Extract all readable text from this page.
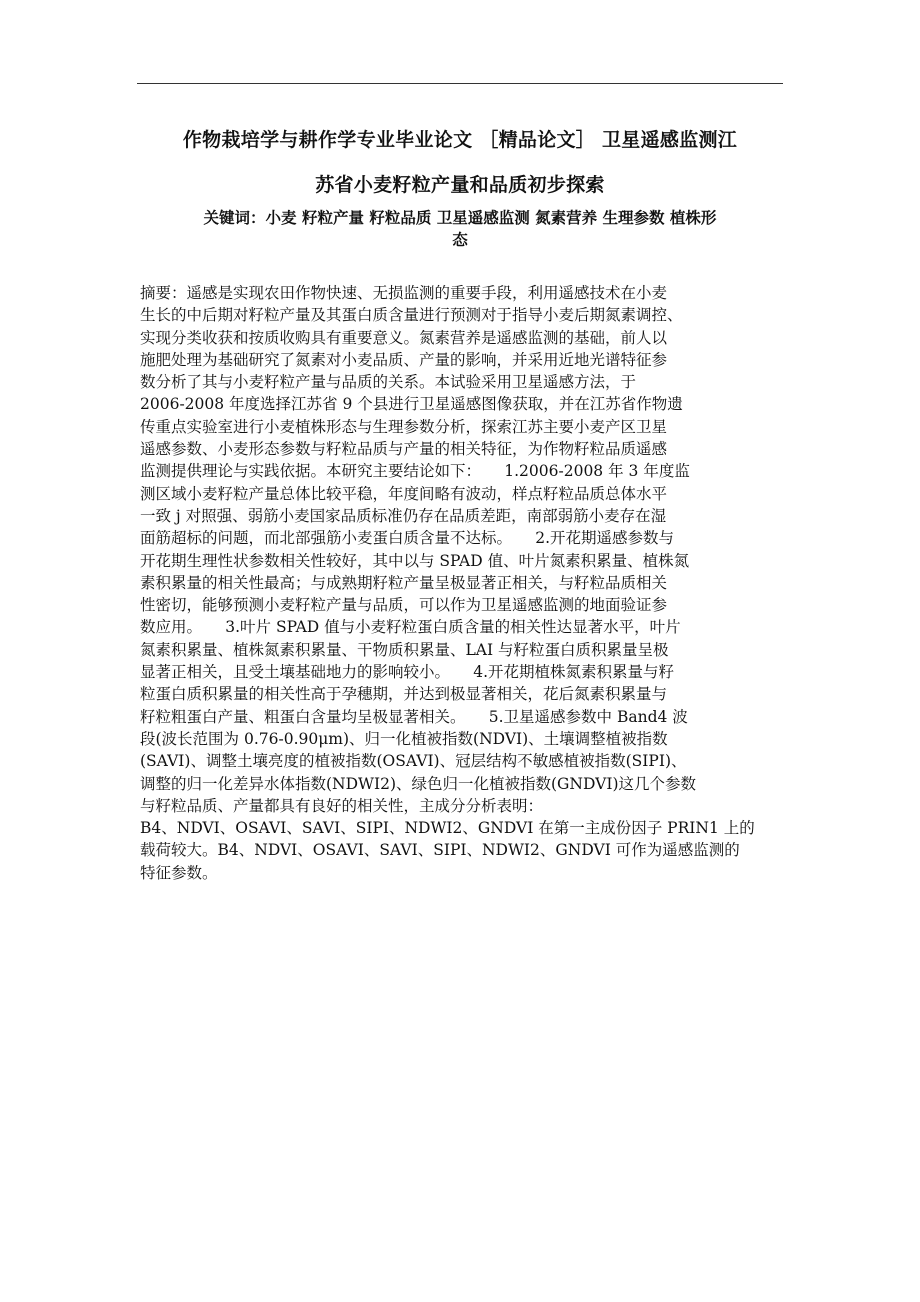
作物栽培学与耕作学专业毕业论文 ［精品论文］ 卫星遥感监测江
苏省小麦籽粒产量和品质初步探索
关键词：小麦 籽粒产量 籽粒品质 卫星遥感监测 氮素营养 生理参数 植株形
态
摘要：遥感是实现农田作物快速、无损监测的重要手段，利用遥感技术在小麦
生长的中后期对籽粒产量及其蛋白质含量进行预测对于指导小麦后期氮素调控、
实现分类收获和按质收购具有重要意义。氮素营养是遥感监测的基础，前人以
施肥处理为基础研究了氮素对小麦品质、产量的影响，并采用近地光谱特征参
数分析了其与小麦籽粒产量与品质的关系。本试验采用卫星遥感方法，于
2006-2008 年度选择江苏省 9 个县进行卫星遥感图像获取，并在江苏省作物遗
传重点实验室进行小麦植株形态与生理参数分析，探索江苏主要小麦产区卫星
遥感参数、小麦形态参数与籽粒品质与产量的相关特征，为作物籽粒品质遥感
监测提供理论与实践依据。本研究主要结论如下：　　1.2006-2008 年 3 年度监
测区域小麦籽粒产量总体比较平稳，年度间略有波动，样点籽粒品质总体水平
一致 j 对照强、弱筋小麦国家品质标准仍存在品质差距，南部弱筋小麦存在湿
面筋超标的问题，而北部强筋小麦蛋白质含量不达标。　　2.开花期遥感参数与
开花期生理性状参数相关性较好，其中以与 SPAD 值、叶片氮素积累量、植株氮
素积累量的相关性最高；与成熟期籽粒产量呈极显著正相关，与籽粒品质相关
性密切，能够预测小麦籽粒产量与品质，可以作为卫星遥感监测的地面验证参
数应用。　　3.叶片 SPAD 值与小麦籽粒蛋白质含量的相关性达显著水平，叶片
氮素积累量、植株氮素积累量、干物质积累量、LAI 与籽粒蛋白质积累量呈极
显著正相关，且受土壤基础地力的影响较小。　　4.开花期植株氮素积累量与籽
粒蛋白质积累量的相关性高于孕穗期，并达到极显著相关，花后氮素积累量与
籽粒粗蛋白产量、粗蛋白含量均呈极显著相关。　　5.卫星遥感参数中 Band4 波
段(波长范围为 0.76-0.90μm)、归一化植被指数(NDVI)、土壤调整植被指数
(SAVI)、调整土壤亮度的植被指数(OSAVI)、冠层结构不敏感植被指数(SIPI)、
调整的归一化差异水体指数(NDWI2)、绿色归一化植被指数(GNDVI)这几个参数
与籽粒品质、产量都具有良好的相关性，主成分分析表明：
B4、NDVI、OSAVI、SAVI、SIPI、NDWI2、GNDVI 在第一主成份因子 PRIN1 上的
载荷较大。B4、NDVI、OSAVI、SAVI、SIPI、NDWI2、GNDVI 可作为遥感监测的
特征参数。
